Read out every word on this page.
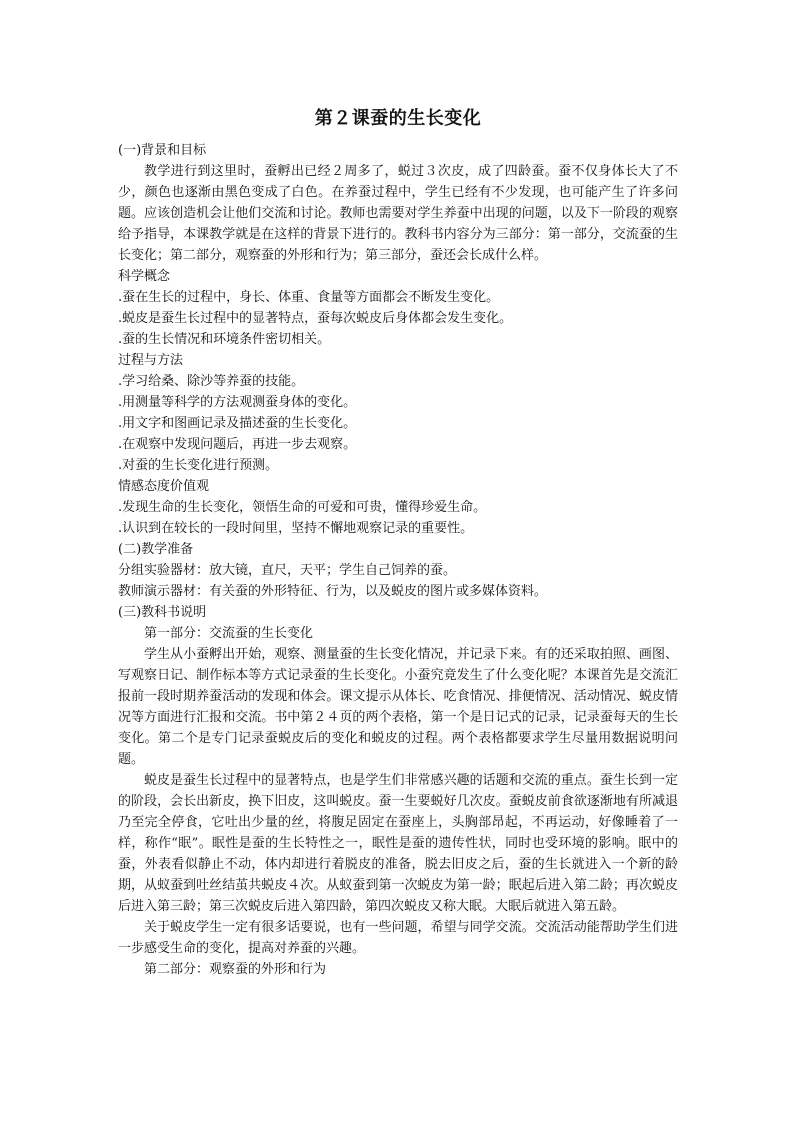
第２课蚕的生长变化

(一)背景和目标

教学进行到这里时，蚕孵出已经２周多了，蜕过３次皮，成了四龄蚕。蚕不仅身体长大了不少，颜色也逐渐由黑色变成了白色。在养蚕过程中，学生已经有不少发现，也可能产生了许多问题。应该创造机会让他们交流和讨论。教师也需要对学生养蚕中出现的问题，以及下一阶段的观察给予指导，本课教学就是在这样的背景下进行的。教科书内容分为三部分：第一部分，交流蚕的生长变化；第二部分，观察蚕的外形和行为；第三部分，蚕还会长成什么样。

科学概念

.蚕在生长的过程中，身长、体重、食量等方面都会不断发生变化。

.蜕皮是蚕生长过程中的显著特点，蚕每次蜕皮后身体都会发生变化。

.蚕的生长情况和环境条件密切相关。

过程与方法

.学习给桑、除沙等养蚕的技能。

.用测量等科学的方法观测蚕身体的变化。

.用文字和图画记录及描述蚕的生长变化。

.在观察中发现问题后，再进一步去观察。

.对蚕的生长变化进行预测。

情感态度价值观

.发现生命的生长变化，领悟生命的可爱和可贵，懂得珍爱生命。

.认识到在较长的一段时间里，坚持不懈地观察记录的重要性。

(二)教学准备

分组实验器材：放大镜，直尺，天平；学生自己饲养的蚕。

教师演示器材：有关蚕的外形特征、行为，以及蜕皮的图片或多媒体资料。

(三)教科书说明

第一部分：交流蚕的生长变化

学生从小蚕孵出开始，观察、测量蚕的生长变化情况，并记录下来。有的还采取拍照、画图、写观察日记、制作标本等方式记录蚕的生长变化。小蚕究竟发生了什么变化呢？本课首先是交流汇报前一段时期养蚕活动的发现和体会。课文提示从体长、吃食情况、排便情况、活动情况、蜕皮情况等方面进行汇报和交流。书中第２４页的两个表格，第一个是日记式的记录，记录蚕每天的生长变化。第二个是专门记录蚕蜕皮后的变化和蜕皮的过程。两个表格都要求学生尽量用数据说明问题。

蜕皮是蚕生长过程中的显著特点，也是学生们非常感兴趣的话题和交流的重点。蚕生长到一定的阶段，会长出新皮，换下旧皮，这叫蜕皮。蚕一生要蜕好几次皮。蚕蜕皮前食欲逐渐地有所减退乃至完全停食，它吐出少量的丝，将腹足固定在蚕座上，头胸部昂起，不再运动，好像睡着了一样，称作“眠”。眠性是蚕的生长特性之一，眠性是蚕的遗传性状，同时也受环境的影响。眠中的蚕，外表看似静止不动，体内却进行着脱皮的准备，脱去旧皮之后，蚕的生长就进入一个新的龄期，从蚁蚕到吐丝结茧共蜕皮４次。从蚁蚕到第一次蜕皮为第一龄；眠起后进入第二龄；再次蜕皮后进入第三龄；第三次蜕皮后进入第四龄，第四次蜕皮又称大眠。大眠后就进入第五龄。

关于蜕皮学生一定有很多话要说，也有一些问题，希望与同学交流。交流活动能帮助学生们进一步感受生命的变化，提高对养蚕的兴趣。

第二部分：观察蚕的外形和行为
